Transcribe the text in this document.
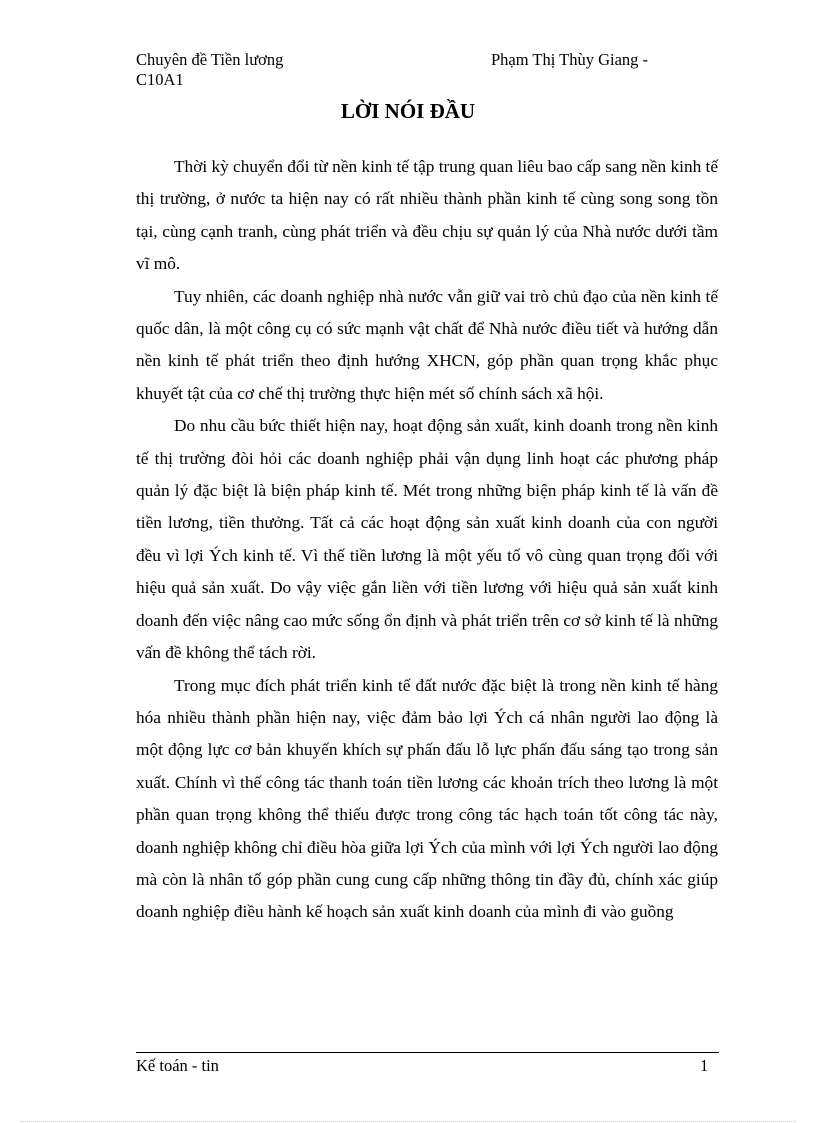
Chuyên đề Tiền lương	Phạm Thị Thùy Giang -
C10A1
LỜI NÓI ĐẦU

Thời kỳ chuyển đổi từ nền kinh tế tập trung quan liêu bao cấp sang nền kinh tế thị trường, ở nước ta hiện nay có rất nhiều thành phần kinh tế cùng song song tồn tại, cùng cạnh tranh, cùng phát triển và đều chịu sự quản lý của Nhà nước dưới tầm vĩ mô.

Tuy nhiên, các doanh nghiệp nhà nước vẫn giữ vai trò chủ đạo của nền kinh tế quốc dân, là một công cụ có sức mạnh vật chất để Nhà nước điều tiết và hướng dẫn nền kinh tế phát triển theo định hướng XHCN, góp phần quan trọng khắc phục khuyết tật của cơ chế thị trường thực hiện mét số chính sách xã hội.

Do nhu cầu bức thiết hiện nay, hoạt động sản xuất, kinh doanh trong nền kinh tế thị trường đòi hỏi các doanh nghiệp phải vận dụng linh hoạt các phương pháp quản lý đặc biệt là biện pháp kinh tế. Mét trong những biện pháp kinh tế là vấn đề tiền lương, tiền thưởng. Tất cả các hoạt động sản xuất kinh doanh của con người đều vì lợi Ých kinh tế. Vì thế tiền lương là một yếu tố vô cùng quan trọng đối với hiệu quả sản xuất. Do vậy việc gắn liền với tiền lương với hiệu quả sản xuất kinh doanh đến việc nâng cao mức sống ổn định và phát triển trên cơ sở kinh tế là những vấn đề không thể tách rời.

Trong mục đích phát triển kinh tế đất nước đặc biệt là trong nền kinh tế hàng hóa nhiều thành phần hiện nay, việc đảm bảo lợi Ých cá nhân người lao động là một động lực cơ bản khuyến khích sự phấn đấu lỗ lực phấn đấu sáng tạo trong sản xuất. Chính vì thế công tác thanh toán tiền lương các khoản trích theo lương là một phần quan trọng không thể thiếu được trong công tác hạch toán tốt công tác này, doanh nghiệp không chỉ điều hòa giữa lợi Ých của mình với lợi Ých người lao động mà còn là nhân tố góp phần cung cung cấp những thông tin đầy đủ, chính xác giúp doanh nghiệp điều hành kế hoạch sản xuất kinh doanh của mình đi vào guồng

Kế toán - tin	1
